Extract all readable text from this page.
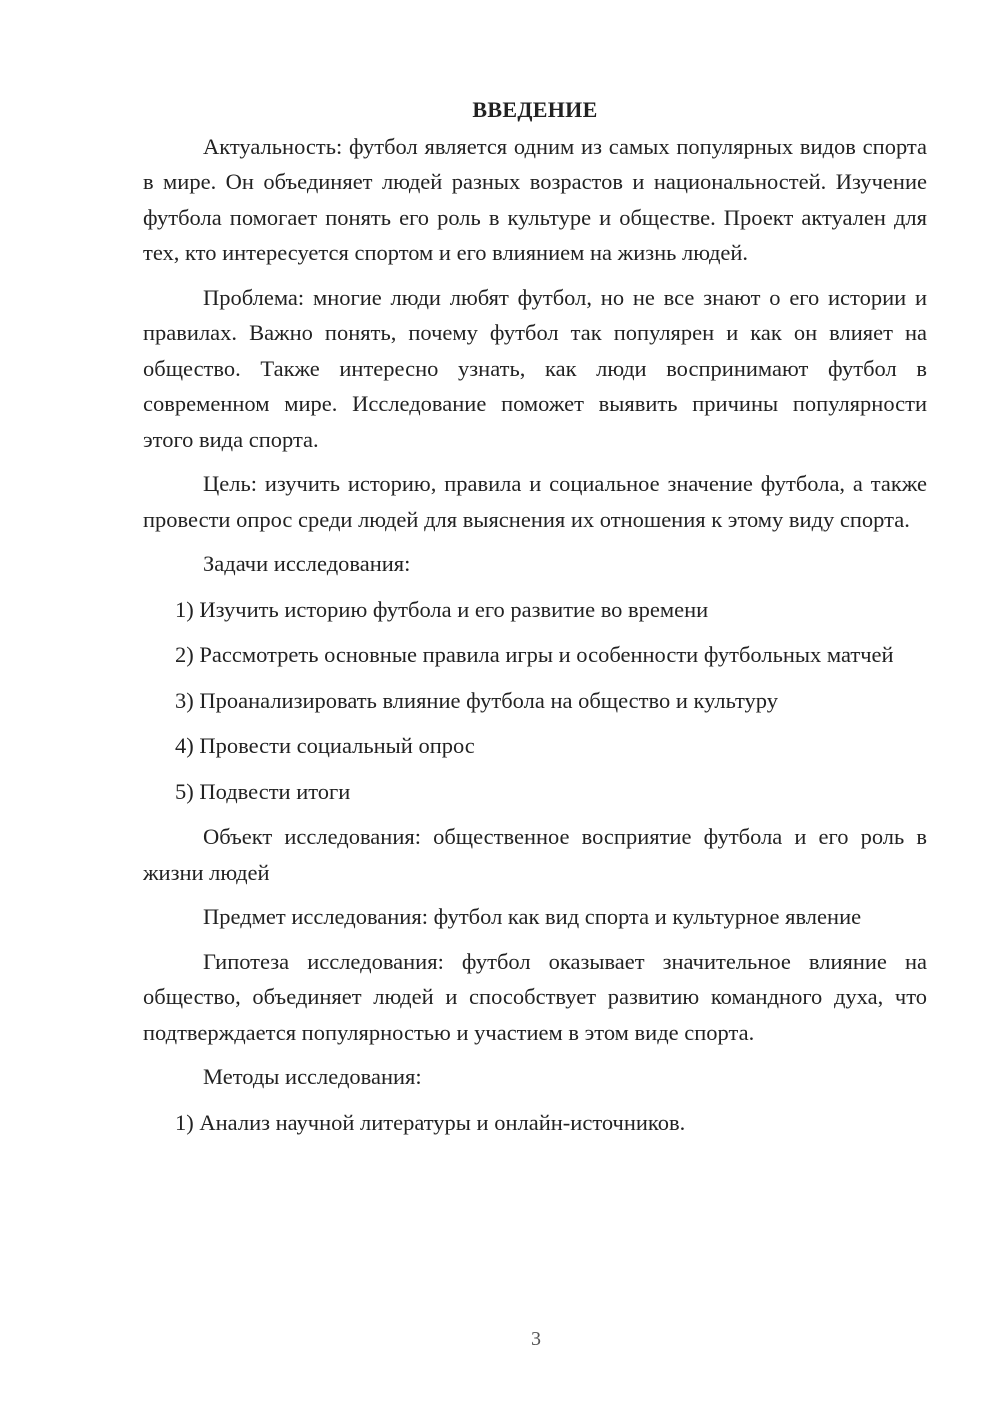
ВВЕДЕНИЕ

Актуальность: футбол является одним из самых популярных видов спорта в мире. Он объединяет людей разных возрастов и национальностей. Изучение футбола помогает понять его роль в культуре и обществе. Проект актуален для тех, кто интересуется спортом и его влиянием на жизнь людей.

Проблема: многие люди любят футбол, но не все знают о его истории и правилах. Важно понять, почему футбол так популярен и как он влияет на общество. Также интересно узнать, как люди воспринимают футбол в современном мире. Исследование поможет выявить причины популярности этого вида спорта.

Цель: изучить историю, правила и социальное значение футбола, а также провести опрос среди людей для выяснения их отношения к этому виду спорта.

Задачи исследования:

1) Изучить историю футбола и его развитие во времени

2) Рассмотреть основные правила игры и особенности футбольных матчей

3) Проанализировать влияние футбола на общество и культуру

4) Провести социальный опрос

5) Подвести итоги

Объект исследования: общественное восприятие футбола и его роль в жизни людей

Предмет исследования: футбол как вид спорта и культурное явление

Гипотеза исследования: футбол оказывает значительное влияние на общество, объединяет людей и способствует развитию командного духа, что подтверждается популярностью и участием в этом виде спорта.

Методы исследования:

1) Анализ научной литературы и онлайн-источников.

3
